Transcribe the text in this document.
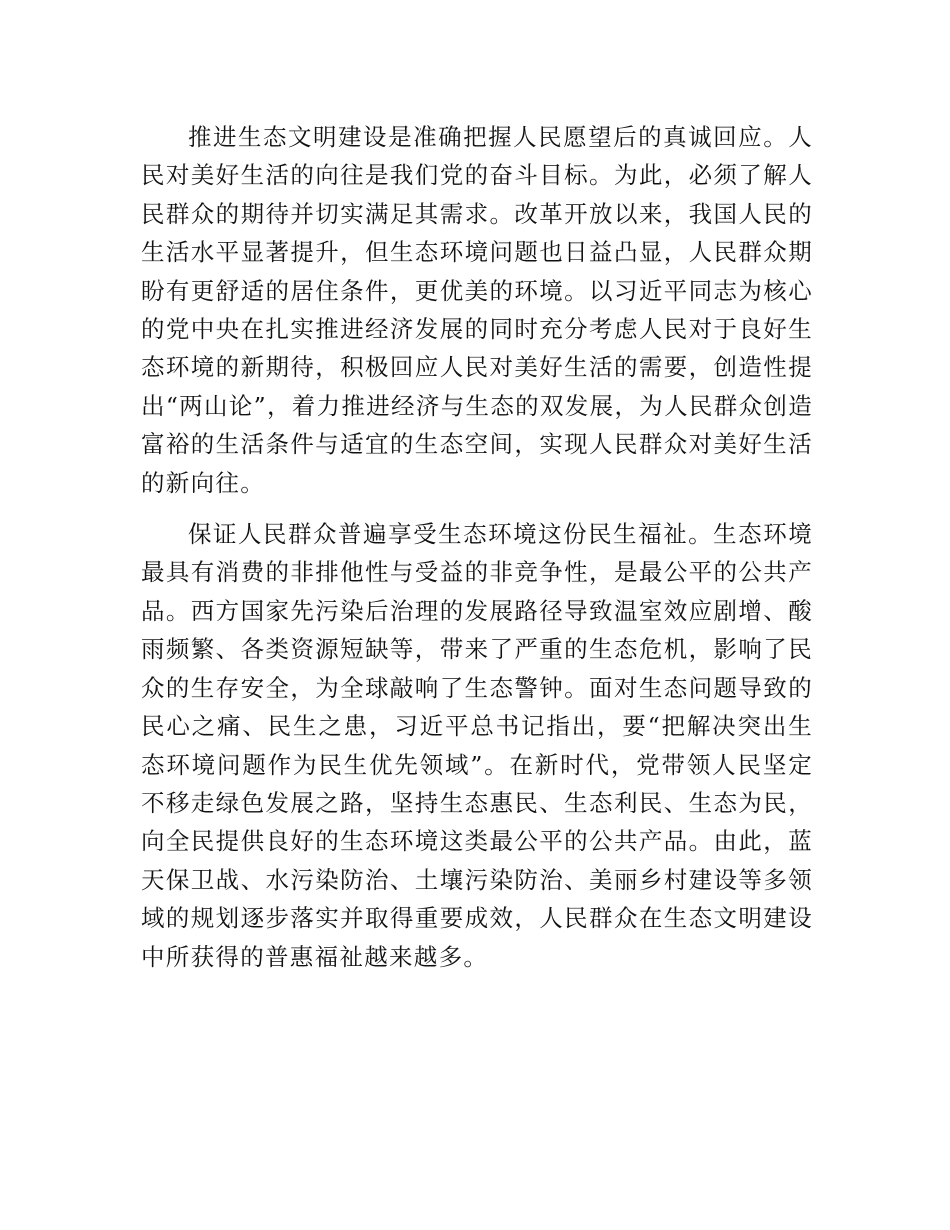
推进生态文明建设是准确把握人民愿望后的真诚回应。人民对美好生活的向往是我们党的奋斗目标。为此，必须了解人民群众的期待并切实满足其需求。改革开放以来，我国人民的生活水平显著提升，但生态环境问题也日益凸显，人民群众期盼有更舒适的居住条件，更优美的环境。以习近平同志为核心的党中央在扎实推进经济发展的同时充分考虑人民对于良好生态环境的新期待，积极回应人民对美好生活的需要，创造性提出“两山论”，着力推进经济与生态的双发展，为人民群众创造富裕的生活条件与适宜的生态空间，实现人民群众对美好生活的新向往。

保证人民群众普遍享受生态环境这份民生福祉。生态环境最具有消费的非排他性与受益的非竞争性，是最公平的公共产品。西方国家先污染后治理的发展路径导致温室效应剧增、酸雨频繁、各类资源短缺等，带来了严重的生态危机，影响了民众的生存安全，为全球敲响了生态警钟。面对生态问题导致的民心之痛、民生之患，习近平总书记指出，要“把解决突出生态环境问题作为民生优先领域”。在新时代，党带领人民坚定不移走绿色发展之路，坚持生态惠民、生态利民、生态为民，向全民提供良好的生态环境这类最公平的公共产品。由此，蓝天保卫战、水污染防治、土壤污染防治、美丽乡村建设等多领域的规划逐步落实并取得重要成效，人民群众在生态文明建设中所获得的普惠福祉越来越多。
